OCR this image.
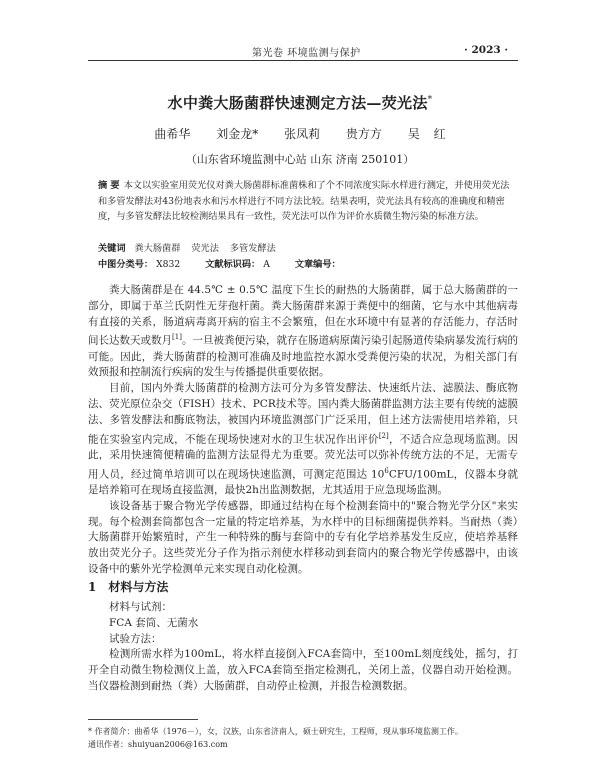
第光卷 环境监测与保护	· 2023 ·
水中粪大肠菌群快速测定方法—荧光法*
曲希华 刘金龙* 张凤莉 贵方方 吴 红
（山东省环境监测中心站 山东 济南 250101）
摘 要 本文以实验室用荧光仪对粪大肠菌群标准菌株和了个不同浓度实际水样进行测定，并使用荧光法和多管发酵法对43份地表水和污水样进行不同方法比较。结果表明，荧光法具有较高的准确度和精密度，与多管发酵法比较检测结果具有一致性，荧光法可以作为评价水质微生物污染的标准方法。
关键词 粪大肠菌群 荧光法 多管发酵法
中图分类号： X832	文献标识码： A	文章编号：

粪大肠菌群是在 44.5℃ ± 0.5℃ 温度下生长的耐热的大肠菌群，属于总大肠菌群的一部分，即属于革兰氏阴性无芽孢杆菌。粪大肠菌群来源于粪便中的细菌，它与水中其他病毒有直接的关系，肠道病毒离开病的宿主不会繁殖，但在水环境中有显著的存活能力，存活时间长达数天或数月[1]。一旦被粪便污染，就存在肠道病原菌污染引起肠道传染病暴发流行病的可能。因此，粪大肠菌群的检测可准确及时地监控水源水受粪便污染的状况，为相关部门有效预报和控制流行疾病的发生与传播提供重要依据。

目前，国内外粪大肠菌群的检测方法可分为多管发酵法、快速纸片法、滤膜法、酶底物法、荧光原位杂交（FISH）技术、PCR技术等。国内粪大肠菌群监测方法主要有传统的滤膜法、多管发酵法和酶底物法，被国内环境监测部门广泛采用，但上述方法需使用培养箱，只能在实验室内完成，不能在现场快速对水的卫生状况作出评价[2]，不适合应急现场监测。因此，采用快速简便精确的监测方法显得尤为重要。荧光法可以弥补传统方法的不足，无需专用人员，经过简单培训可以在现场快速监测，可测定范围达 $10^6CFU/100mL$，仪器本身就是培养箱可在现场直接监测，最快2h出监测数据，尤其适用于应急现场监测。

该设备基于聚合物光学传感器，即通过结构在每个检测套筒中的"聚合物光学分区"来实现。每个检测套筒都包含一定量的特定培养基，为水样中的目标细菌提供养料。当耐热（粪）大肠菌群开始繁殖时，产生一种特殊的酶与套筒中的专有化学培养基发生反应，使培养基释放出荧光分子。这些荧光分子作为指示剂使水样移动到套筒内的聚合物光学传感器中，由该设备中的紫外光学检测单元来实现自动化检测。

1 材料与方法
材料与试剂：
FCA 套筒、无菌水
试验方法：

检测所需水样为100mL，将水样直接倒入FCA套筒中，至100mL刻度线处，摇匀，打开全自动微生物检测仪上盖，放入FCA套筒至指定检测孔，关闭上盖，仪器自动开始检测。当仪器检测到耐热（粪）大肠菌群，自动停止检测，并报告检测数据。

* 作者简介：曲希华（1976－），女，汉族，山东省济南人，硕士研究生，工程师，现从事环境监测工作。
通讯作者：shuiyuan2006@163.com
